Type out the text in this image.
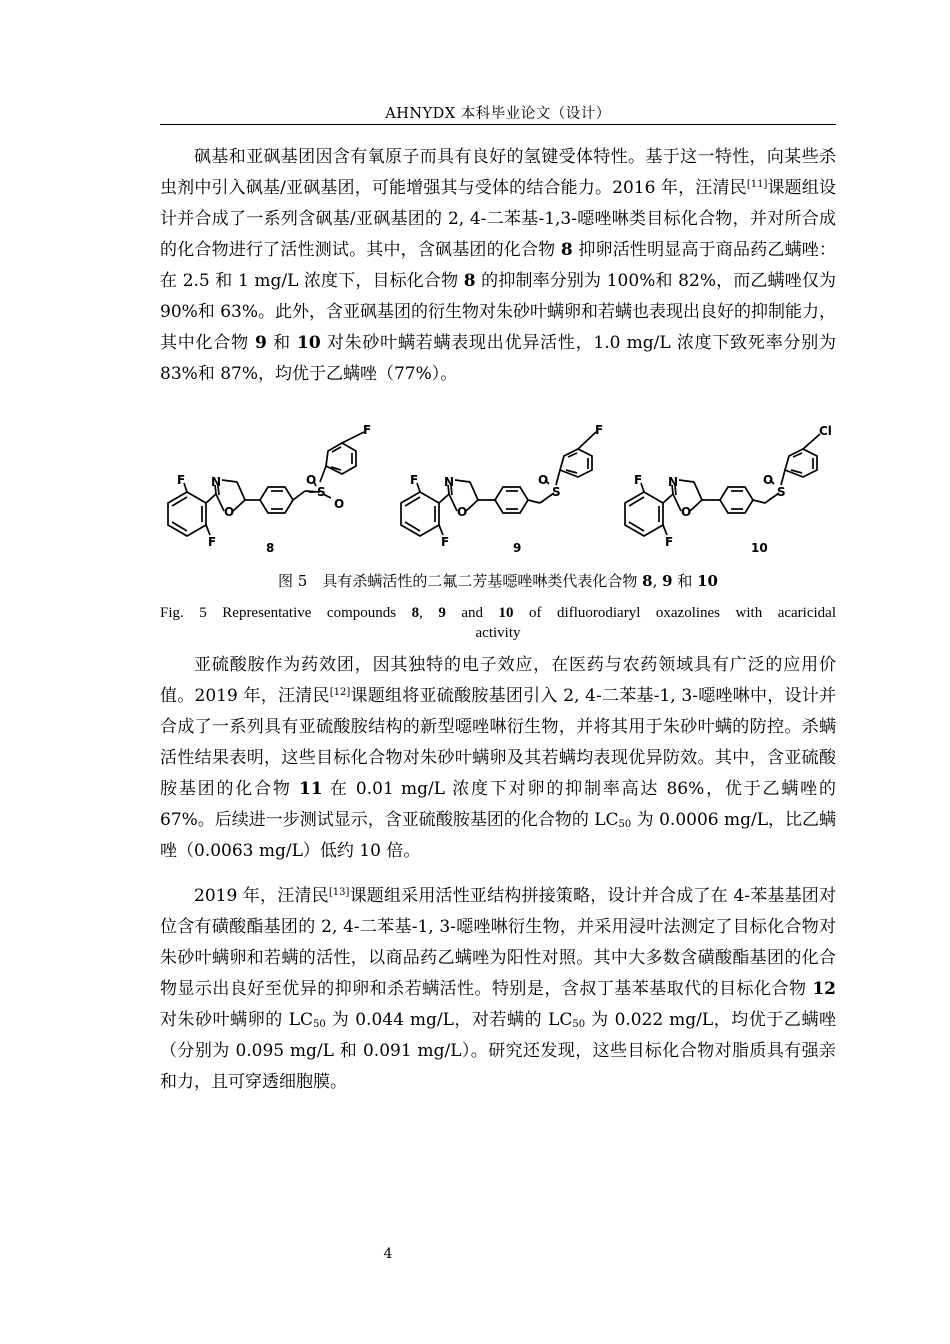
AHNYDX 本科毕业论文（设计）

砜基和亚砜基团因含有氧原子而具有良好的氢键受体特性。基于这一特性，向某些杀虫剂中引入砜基/亚砜基团，可能增强其与受体的结合能力。2016 年，汪清民[11]课题组设计并合成了一系列含砜基/亚砜基团的 2, 4-二苯基-1,3-噁唑啉类目标化合物，并对所合成的化合物进行了活性测试。其中，含砜基团的化合物 8 抑卵活性明显高于商品药乙螨唑：在 2.5 和 1 mg/L 浓度下，目标化合物 8 的抑制率分别为 100%和 82%，而乙螨唑仅为 90%和 63%。此外，含亚砜基团的衍生物对朱砂叶螨卵和若螨也表现出良好的抑制能力，其中化合物 9 和 10 对朱砂叶螨若螨表现出优异活性，1.0 mg/L 浓度下致死率分别为 83%和 87%，均优于乙螨唑（77%）。

F
F
N
O
O
S
O
F
F
F
N
O
O
S
F
F
F
N
O
O
S
Cl
8	9	10
图 5　具有杀螨活性的二氟二芳基噁唑啉类代表化合物 8, 9 和 10
Fig. 5 Representative compounds 8, 9 and 10 of difluorodiaryl oxazolines with acaricidal
activity

亚硫酸胺作为药效团，因其独特的电子效应，在医药与农药领域具有广泛的应用价值。2019 年，汪清民[12]课题组将亚硫酸胺基团引入 2, 4-二苯基-1, 3-噁唑啉中，设计并合成了一系列具有亚硫酸胺结构的新型噁唑啉衍生物，并将其用于朱砂叶螨的防控。杀螨活性结果表明，这些目标化合物对朱砂叶螨卵及其若螨均表现优异防效。其中，含亚硫酸胺基团的化合物 11 在 0.01 mg/L 浓度下对卵的抑制率高达 86%，优于乙螨唑的 67%。后续进一步测试显示，含亚硫酸胺基团的化合物的 $LC_{50}$ 为 0.0006 mg/L，比乙螨唑（0.0063 mg/L）低约 10 倍。

2019 年，汪清民[13]课题组采用活性亚结构拼接策略，设计并合成了在 4-苯基基团对位含有磺酸酯基团的 2, 4-二苯基-1, 3-噁唑啉衍生物，并采用浸叶法测定了目标化合物对朱砂叶螨卵和若螨的活性，以商品药乙螨唑为阳性对照。其中大多数含磺酸酯基团的化合物显示出良好至优异的抑卵和杀若螨活性。特别是，含叔丁基苯基取代的目标化合物 12 对朱砂叶螨卵的 $LC_{50}$ 为 0.044 mg/L，对若螨的 $LC_{50}$ 为 0.022 mg/L，均优于乙螨唑（分别为 0.095 mg/L 和 0.091 mg/L）。研究还发现，这些目标化合物对脂质具有强亲和力，且可穿透细胞膜。

4
